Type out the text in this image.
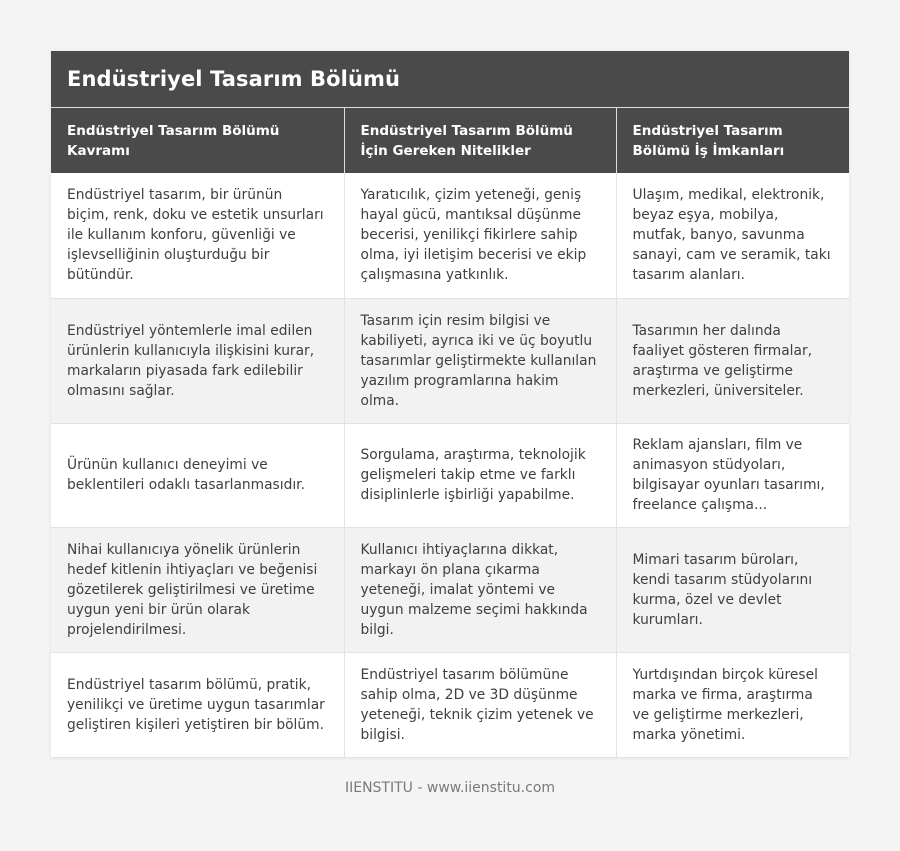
Endüstriyel Tasarım Bölümü
Endüstriyel Tasarım Bölümü Kavramı	Endüstriyel Tasarım Bölümü İçin Gereken Nitelikler	Endüstriyel Tasarım Bölümü İş İmkanları
Endüstriyel tasarım, bir ürünün biçim, renk, doku ve estetik unsurları ile kullanım konforu, güvenliği ve işlevselliğinin oluşturduğu bir bütündür.	Yaratıcılık, çizim yeteneği, geniş hayal gücü, mantıksal düşünme becerisi, yenilikçi fikirlere sahip olma, iyi iletişim becerisi ve ekip çalışmasına yatkınlık.	Ulaşım, medikal, elektronik, beyaz eşya, mobilya, mutfak, banyo, savunma sanayi, cam ve seramik, takı tasarım alanları.
Endüstriyel yöntemlerle imal edilen ürünlerin kullanıcıyla ilişkisini kurar, markaların piyasada fark edilebilir olmasını sağlar.	Tasarım için resim bilgisi ve kabiliyeti, ayrıca iki ve üç boyutlu tasarımlar geliştirmekte kullanılan yazılım programlarına hakim olma.	Tasarımın her dalında faaliyet gösteren firmalar, araştırma ve geliştirme merkezleri, üniversiteler.
Ürünün kullanıcı deneyimi ve beklentileri odaklı tasarlanmasıdır.	Sorgulama, araştırma, teknolojik gelişmeleri takip etme ve farklı disiplinlerle işbirliği yapabilme.	Reklam ajansları, film ve animasyon stüdyoları, bilgisayar oyunları tasarımı, freelance çalışma...
Nihai kullanıcıya yönelik ürünlerin hedef kitlenin ihtiyaçları ve beğenisi gözetilerek geliştirilmesi ve üretime uygun yeni bir ürün olarak projelendirilmesi.	Kullanıcı ihtiyaçlarına dikkat, markayı ön plana çıkarma yeteneği, imalat yöntemi ve uygun malzeme seçimi hakkında bilgi.	Mimari tasarım büroları, kendi tasarım stüdyolarını kurma, özel ve devlet kurumları.
Endüstriyel tasarım bölümü, pratik, yenilikçi ve üretime uygun tasarımlar geliştiren kişileri yetiştiren bir bölüm.	Endüstriyel tasarım bölümüne sahip olma, 2D ve 3D düşünme yeteneği, teknik çizim yetenek ve bilgisi.	Yurtdışından birçok küresel marka ve firma, araştırma ve geliştirme merkezleri, marka yönetimi.
IIENSTITU - www.iienstitu.com
